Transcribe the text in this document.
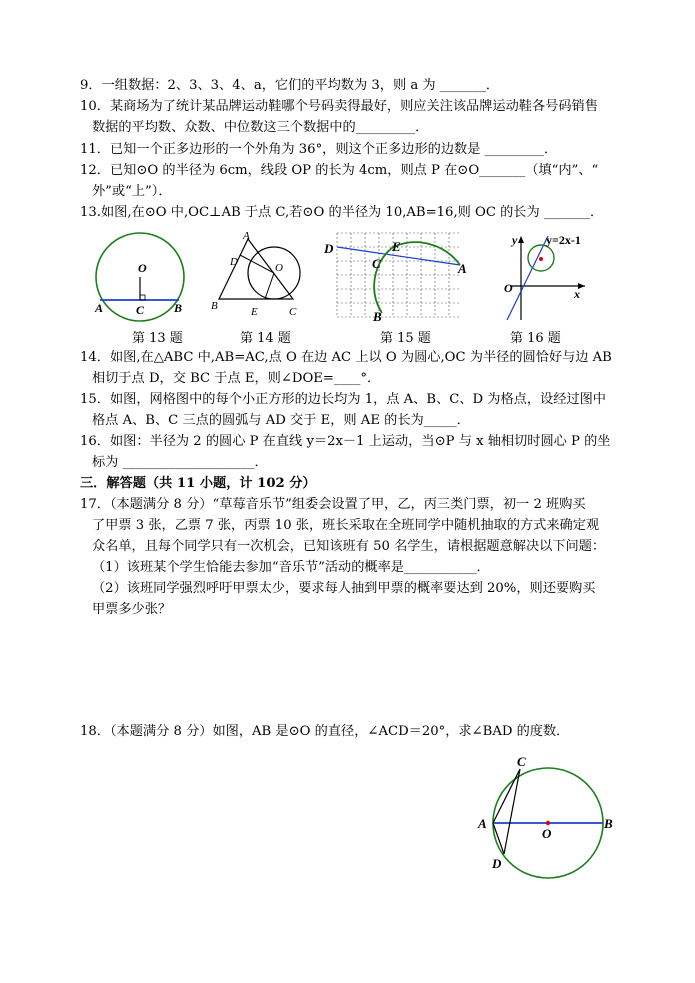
9．一组数据：2、3、3、4、a，它们的平均数为 3，则 a 为 _______．
10．某商场为了统计某品牌运动鞋哪个号码卖得最好，则应关注该品牌运动鞋各号码销售
数据的平均数、众数、中位数这三个数据中的_________．
11．已知一个正多边形的一个外角为 36°，则这个正多边形的边数是 _________．
12．已知⊙O 的半径为 6cm，线段 OP 的长为 4cm，则点 P 在⊙O_______（填“内”、“
外”或“上”）．
13.如图,在⊙O 中,OC⊥AB 于点 C,若⊙O 的半径为 10,AB=16,则 OC 的长为 _______．
O
A	C B
A
D	O
B	E	C
D	E
C	A
B
y y=2x-1
O	x
第 13 题	第 14 题	第 15 题	第 16 题
14．如图,在△ABC 中,AB=AC,点 O 在边 AC 上以 O 为圆心,OC 为半径的圆恰好与边 AB
相切于点 D，交 BC 于点 E，则∠DOE=____°．
15．如图，网格图中的每个小正方形的边长均为 1，点 A、B、C、D 为格点，设经过图中
格点 A、B、C 三点的圆弧与 AD 交于 E，则 AE 的长为_____．
16．如图：半径为 2 的圆心 P 在直线 y＝2x－1 上运动，当⊙P 与 x 轴相切时圆心 P 的坐
标为 ____________________．
三．解答题（共 11 小题，计 102 分）
17．（本题满分 8 分）“草莓音乐节”组委会设置了甲，乙，丙三类门票，初一 2 班购买
了甲票 3 张，乙票 7 张，丙票 10 张，班长采取在全班同学中随机抽取的方式来确定观
众名单，且每个同学只有一次机会，已知该班有 50 名学生，请根据题意解决以下问题：
（1）该班某个学生恰能去参加“音乐节”活动的概率是___________．
（2）该班同学强烈呼吁甲票太少，要求每人抽到甲票的概率要达到 20%，则还要购买
甲票多少张？
18．（本题满分 8 分）如图，AB 是⊙O 的直径，∠ACD＝20°，求∠BAD 的度数．
C
A
O
B
D
